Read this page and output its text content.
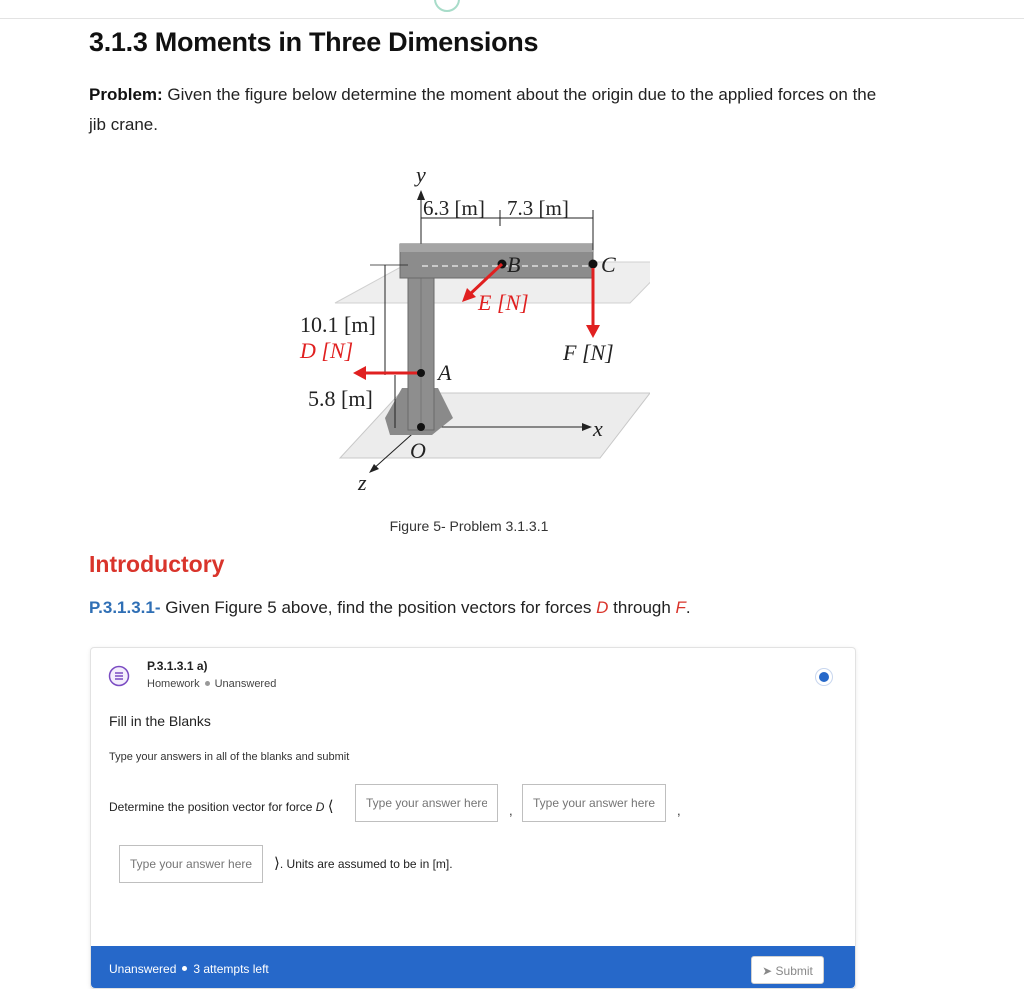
3.1.3 Moments in Three Dimensions

Problem: Given the figure below determine the moment about the origin due to the applied forces on the jib crane.

6.3 [m] 7.3 [m]
y
10.1 [m]
5.8 [m]
D [N]
A
B
E [N]
C
F [N]
O
x
z
Figure 5- Problem 3.1.3.1
Introductory

P.3.1.3.1- Given Figure 5 above, find the position vectors for forces D through F.

P.3.1.3.1 a)
Homework Unanswered
Fill in the Blanks
Type your answers in all of the blanks and submit
Determine the position vector for force D ⟨
Type your answer here	,
Type your answer here	,
Type your answer here
⟩. Units are assumed to be in [m].
Unanswered 3 attempts left	➤ Submit
